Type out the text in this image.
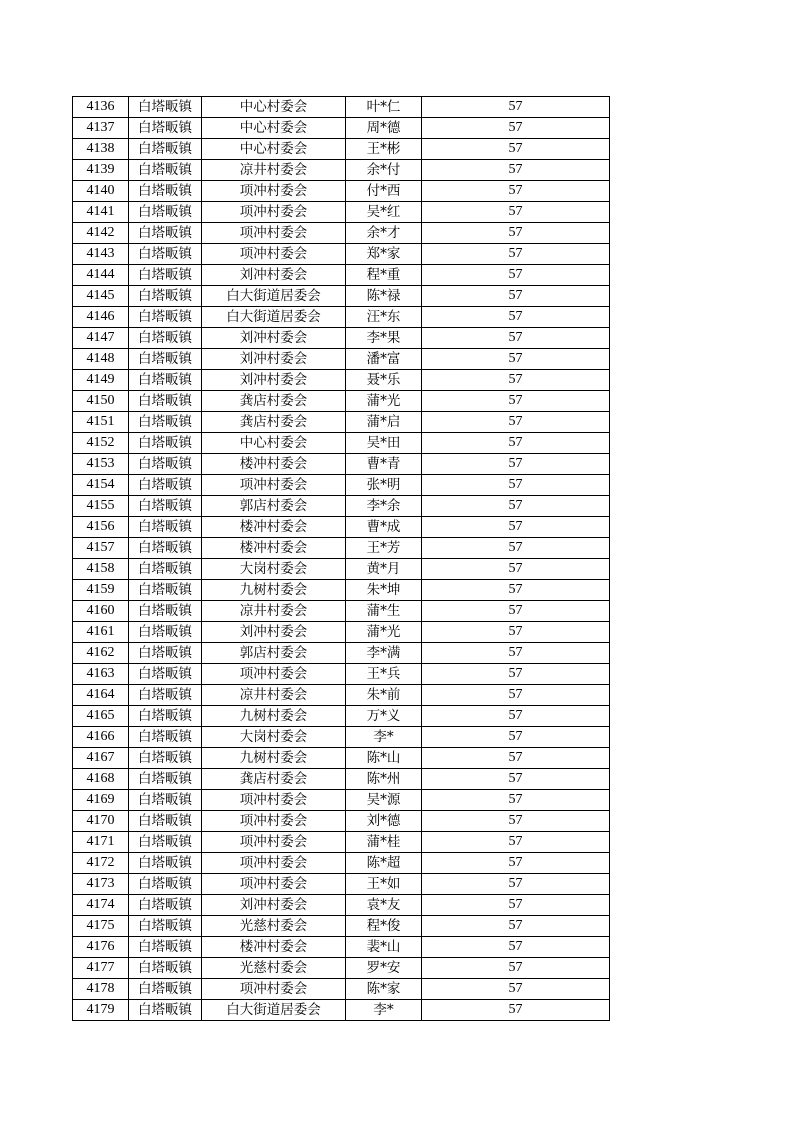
4136	白塔畈镇	中心村委会	叶*仁	57
4137	白塔畈镇	中心村委会	周*德	57
4138	白塔畈镇	中心村委会	王*彬	57
4139	白塔畈镇	凉井村委会	余*付	57
4140	白塔畈镇	项冲村委会	付*西	57
4141	白塔畈镇	项冲村委会	吴*红	57
4142	白塔畈镇	项冲村委会	余*才	57
4143	白塔畈镇	项冲村委会	郑*家	57
4144	白塔畈镇	刘冲村委会	程*重	57
4145	白塔畈镇	白大街道居委会	陈*禄	57
4146	白塔畈镇	白大街道居委会	汪*东	57
4147	白塔畈镇	刘冲村委会	李*果	57
4148	白塔畈镇	刘冲村委会	潘*富	57
4149	白塔畈镇	刘冲村委会	聂*乐	57
4150	白塔畈镇	龚店村委会	蒲*光	57
4151	白塔畈镇	龚店村委会	蒲*启	57
4152	白塔畈镇	中心村委会	吴*田	57
4153	白塔畈镇	楼冲村委会	曹*青	57
4154	白塔畈镇	项冲村委会	张*明	57
4155	白塔畈镇	郭店村委会	李*余	57
4156	白塔畈镇	楼冲村委会	曹*成	57
4157	白塔畈镇	楼冲村委会	王*芳	57
4158	白塔畈镇	大岗村委会	黄*月	57
4159	白塔畈镇	九树村委会	朱*坤	57
4160	白塔畈镇	凉井村委会	蒲*生	57
4161	白塔畈镇	刘冲村委会	蒲*光	57
4162	白塔畈镇	郭店村委会	李*满	57
4163	白塔畈镇	项冲村委会	王*兵	57
4164	白塔畈镇	凉井村委会	朱*前	57
4165	白塔畈镇	九树村委会	万*义	57
4166	白塔畈镇	大岗村委会	李*	57
4167	白塔畈镇	九树村委会	陈*山	57
4168	白塔畈镇	龚店村委会	陈*州	57
4169	白塔畈镇	项冲村委会	吴*源	57
4170	白塔畈镇	项冲村委会	刘*德	57
4171	白塔畈镇	项冲村委会	蒲*桂	57
4172	白塔畈镇	项冲村委会	陈*超	57
4173	白塔畈镇	项冲村委会	王*如	57
4174	白塔畈镇	刘冲村委会	袁*友	57
4175	白塔畈镇	光慈村委会	程*俊	57
4176	白塔畈镇	楼冲村委会	裴*山	57
4177	白塔畈镇	光慈村委会	罗*安	57
4178	白塔畈镇	项冲村委会	陈*家	57
4179	白塔畈镇	白大街道居委会	李*	57
